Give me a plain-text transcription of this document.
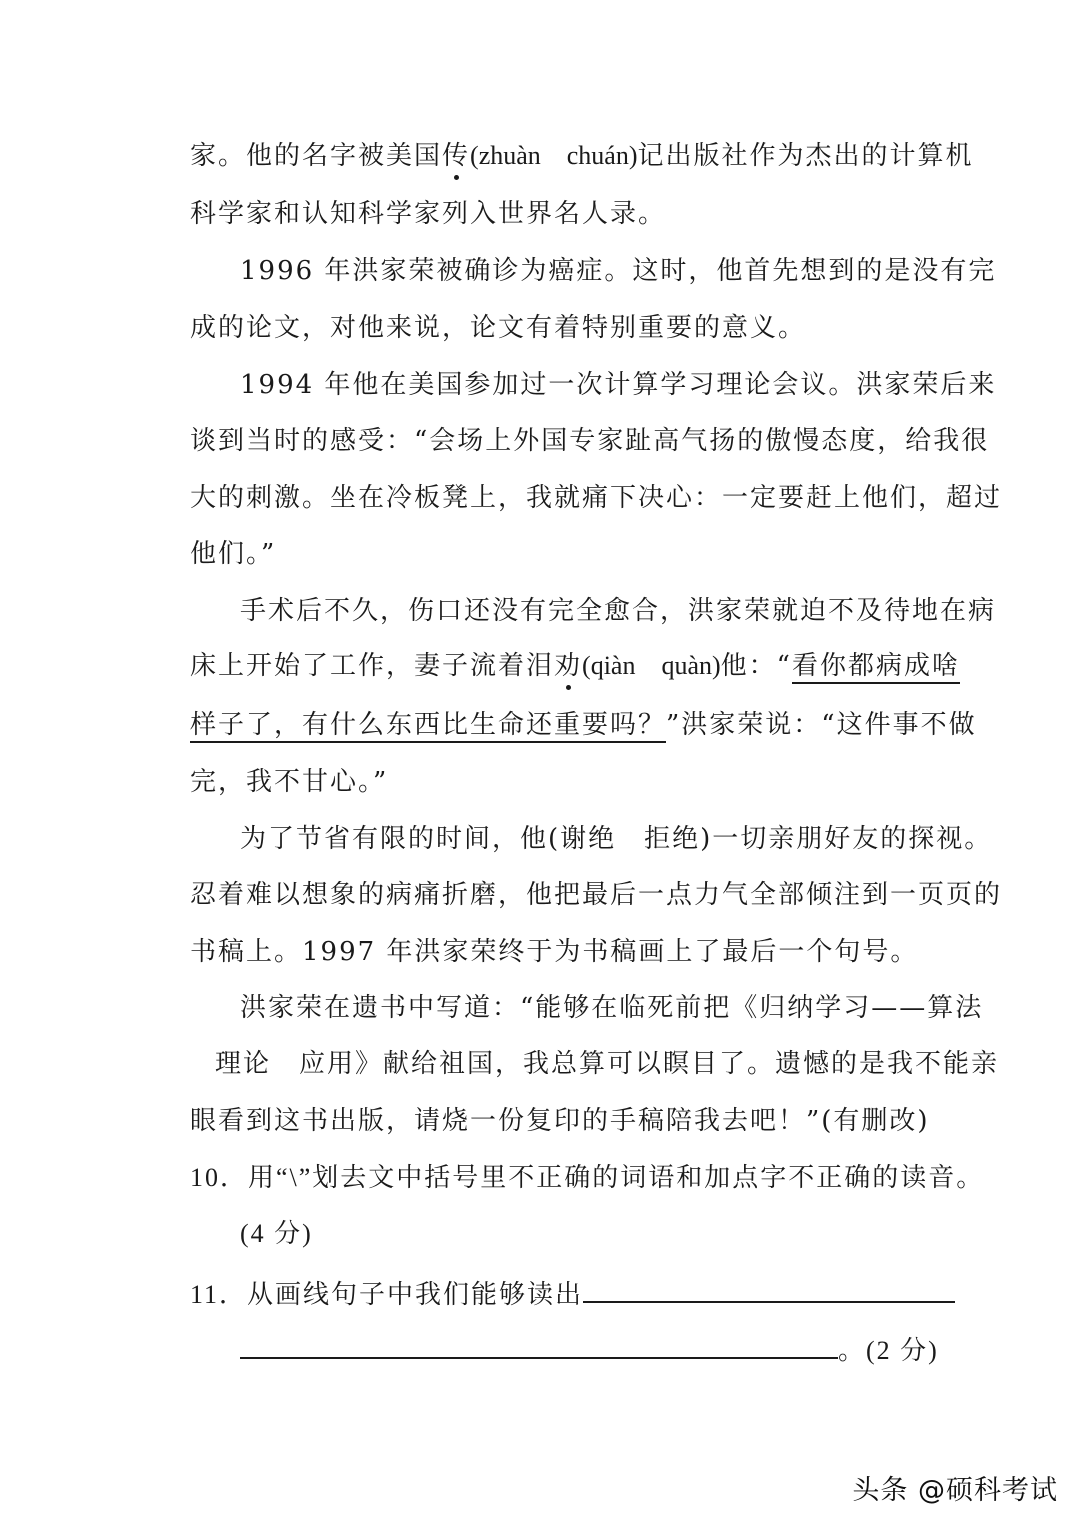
家。他的名字被美国传(zhuàn　chuán)记出版社作为杰出的计算机
科学家和认知科学家列入世界名人录。
1996 年洪家荣被确诊为癌症。这时，他首先想到的是没有完
成的论文，对他来说，论文有着特别重要的意义。
1994 年他在美国参加过一次计算学习理论会议。洪家荣后来
谈到当时的感受：“会场上外国专家趾高气扬的傲慢态度，给我很
大的刺激。坐在冷板凳上，我就痛下决心：一定要赶上他们，超过
他们。”
手术后不久，伤口还没有完全愈合，洪家荣就迫不及待地在病
床上开始了工作，妻子流着泪劝(qiàn　quàn)他：“看你都病成啥
样子了，有什么东西比生命还重要吗？”洪家荣说：“这件事不做
完，我不甘心。”
为了节省有限的时间，他(谢绝　拒绝)一切亲朋好友的探视。
忍着难以想象的病痛折磨，他把最后一点力气全部倾注到一页页的
书稿上。1997 年洪家荣终于为书稿画上了最后一个句号。
洪家荣在遗书中写道：“能够在临死前把《归纳学习——算法
理论　应用》献给祖国，我总算可以瞑目了。遗憾的是我不能亲
眼看到这书出版，请烧一份复印的手稿陪我去吧！”(有删改)
10．用“\”划去文中括号里不正确的词语和加点字不正确的读音。
(4 分)
11．从画线句子中我们能够读出
。(2 分)
头条 @硕科考试
